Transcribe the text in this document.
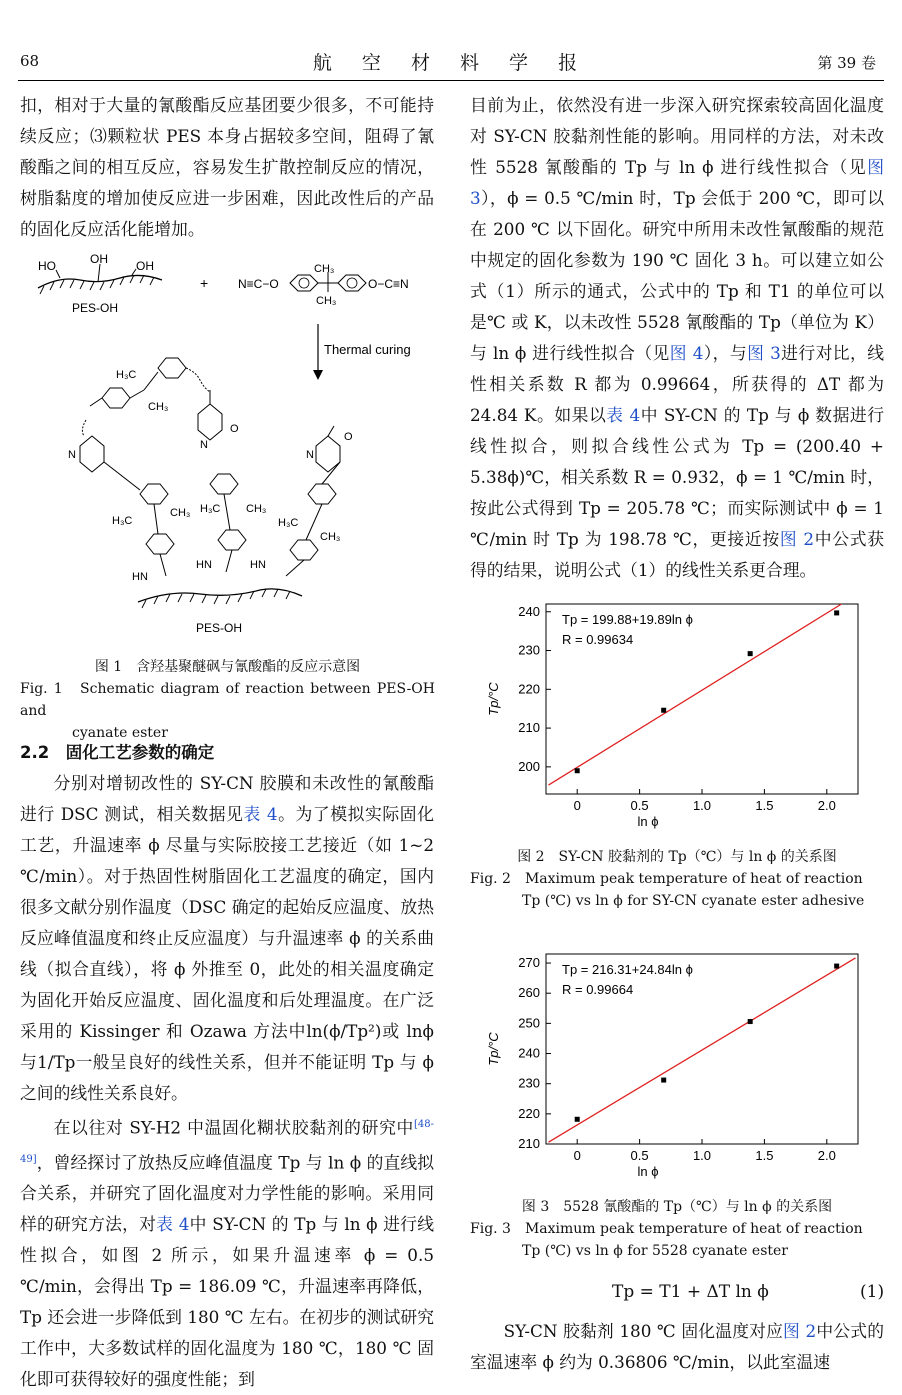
68	航 空 材 料 学 报	第 39 卷

扣，相对于大量的氰酸酯反应基团要少很多，不可能持续反应；⑶颗粒状 PES 本身占据较多空间，阻碍了氰酸酯之间的相互反应，容易发生扩散控制反应的情况，树脂黏度的增加使反应进一步困难，因此改性后的产品的固化反应活化能增加。

HO	OH OH
PES-OH
+ N≡C−O
CH₃
CH₃
O−C≡N
Thermal curing
H₃C
CH₃
N
N
N
O
O
H₃C
CH₃ H₃C CH₃
H₃C
CH₃
HN
HN	HN
PES-OH
图 1　含羟基聚醚砜与氰酸酯的反应示意图
Fig. 1　Schematic diagram of reaction between PES-OH and
cyanate ester
2.2　固化工艺参数的确定

分别对增韧改性的 SY-CN 胶膜和未改性的氰酸酯进行 DSC 测试，相关数据见表 4。为了模拟实际固化工艺，升温速率 ϕ 尽量与实际胶接工艺接近（如 1~2 ℃/min）。对于热固性树脂固化工艺温度的确定，国内很多文献分别作温度（DSC 确定的起始反应温度、放热反应峰值温度和终止反应温度）与升温速率 ϕ 的关系曲线（拟合直线），将 ϕ 外推至 0，此处的相关温度确定为固化开始反应温度、固化温度和后处理温度。在广泛采用的 Kissinger 和 Ozawa 方法中ln(ϕ/Tp²)或 lnϕ 与1/Tp一般呈良好的线性关系，但并不能证明 Tp 与 ϕ 之间的线性关系良好。

在以往对 SY-H2 中温固化糊状胶黏剂的研究中[48-49]，曾经探讨了放热反应峰值温度 Tp 与 ln ϕ 的直线拟合关系，并研究了固化温度对力学性能的影响。采用同样的研究方法，对表 4中 SY-CN 的 Tp 与 ln ϕ 进行线性拟合，如图 2 所示，如果升温速率 ϕ = 0.5 ℃/min，会得出 Tp = 186.09 ℃，升温速率再降低，Tp 还会进一步降低到 180 ℃ 左右。在初步的测试研究工作中，大多数试样的固化温度为 180 ℃，180 ℃ 固化即可获得较好的强度性能；到

目前为止，依然没有进一步深入研究探索较高固化温度对 SY-CN 胶黏剂性能的影响。用同样的方法，对未改性 5528 氰酸酯的 Tp 与 ln ϕ 进行线性拟合（见图 3），ϕ = 0.5 ℃/min 时，Tp 会低于 200 ℃，即可以在 200 ℃ 以下固化。研究中所用未改性氰酸酯的规范中规定的固化参数为 190 ℃ 固化 3 h。可以建立如公式（1）所示的通式，公式中的 Tp 和 T1 的单位可以是℃ 或 K，以未改性 5528 氰酸酯的 Tp（单位为 K）与 ln ϕ 进行线性拟合（见图 4），与图 3进行对比，线性相关系数 R 都为 0.99664，所获得的 ΔT 都为 24.84 K。如果以表 4中 SY-CN 的 Tp 与 ϕ 数据进行线性拟合，则拟合线性公式为 Tp = (200.40 + 5.38ϕ)℃，相关系数 R = 0.932，ϕ = 1 ℃/min 时，按此公式得到 Tp = 205.78 ℃；而实际测试中 ϕ = 1 ℃/min 时 Tp 为 198.78 ℃，更接近按图 2中公式获得的结果，说明公式（1）的线性关系更合理。

0	0.5	1.0	1.5	2.0
200
210
220
230
240
Tp = 199.88+19.89ln ϕ
R = 0.99634
ln ϕ
Tp/°C
图 2　SY-CN 胶黏剂的 Tp（℃）与 ln ϕ 的关系图
Fig. 2　Maximum peak temperature of heat of reaction
Tp (℃) vs ln ϕ for SY-CN cyanate ester adhesive
0	0.5	1.0	1.5	2.0
210
220
230
240
250
260
270 Tp = 216.31+24.84ln ϕ
R = 0.99664
ln ϕ
Tp/°C
图 3　5528 氰酸酯的 Tp（℃）与 ln ϕ 的关系图
Fig. 3　Maximum peak temperature of heat of reaction
Tp (℃) vs ln ϕ for 5528 cyanate ester
Tp = T1 + ΔT ln ϕ	(1)

SY-CN 胶黏剂 180 ℃ 固化温度对应图 2中公式的室温速率 ϕ 约为 0.36806 ℃/min，以此室温速
